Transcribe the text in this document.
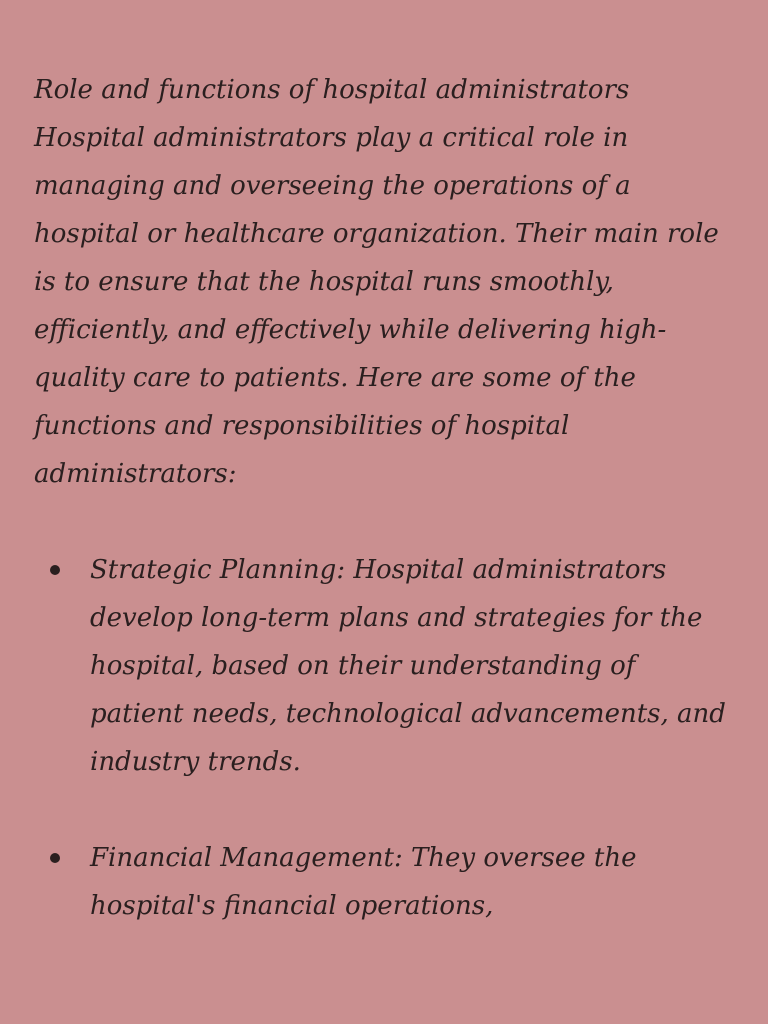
Role and functions of hospital administrators

Hospital administrators play a critical role in managing and overseeing the operations of a hospital or healthcare organization. Their main role is to ensure that the hospital runs smoothly, efficiently, and effectively while delivering high-quality care to patients. Here are some of the functions and responsibilities of hospital administrators:

Strategic Planning: Hospital administrators develop long-term plans and strategies for the hospital, based on their understanding of patient needs, technological advancements, and industry trends.
Financial Management: They oversee the hospital's financial operations,
